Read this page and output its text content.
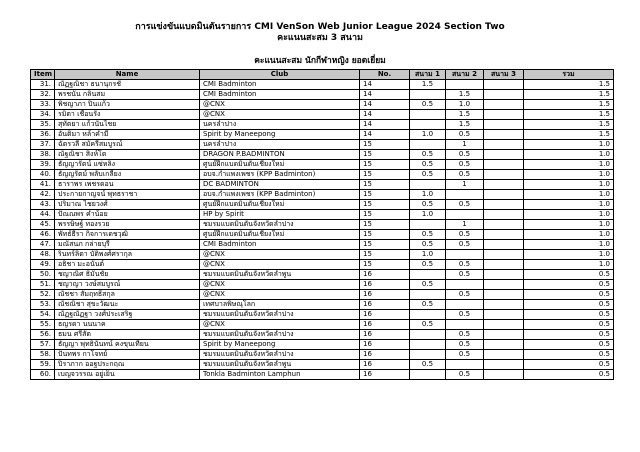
การแข่งขันแบดมินตันรายการ CMI VenSon Web Junior League 2024 Section Two
คะแนนสะสม 3 สนาม
คะแนนสะสม นักกีฬาหญิง ยอดเยี่ยม
Item	Name	Club	No.	สนาม 1	สนาม 2	สนาม 3	รวม
31.	ณัฏฐณิชา ธนานุกรชั่	CMI Badminton	14	1.5			1.5
32.	พรชนัน กลิ่นสม	CMI Badminton	14		1.5		1.5
33.	พิชญาภา ปินแก้ว	@CNX	14	0.5	1.0		1.5
34.	รมิตา เชื้อนรัง	@CNX	14		1.5		1.5
35.	สุทัตยา แก้วนันไชย	นครลำปาง	14		1.5		1.5
36.	อันติมา หล้าคำมี	Spirit by Maneepong	14	1.0	0.5		1.5
37.	ฉัตรวลี สมัครีสมบูรณ์	นครลำปาง	15		1		1.0
38.	ณัฐณิชา สิงห์โต	DRAGON P.BADMINTON	15	0.5	0.5		1.0
39.	ธัญญารัตน์ แซ่หลิ่ง	ศูนย์ฝึกแบดมินตันเชียงใหม่	15	0.5	0.5		1.0
40.	ธัญญรัตม์ พลับเกลี้ยง	อบจ.กำแพงเพชร (KPP Badminton)	15	0.5	0.5		1.0
41.	ธาราพร เพชรดอน	DC BADMINTON	15		1		1.0
42.	ประกายกาญจน์ พุทธราชา	อบจ.กำแพงเพชร (KPP Badminton)	15	1.0			1.0
43.	ปริมาณ ไชยวงศ์	ศูนย์ฝึกแบดมินตันเชียงใหม่	15	0.5	0.5		1.0
44.	ปัณณพร คำน้อย	HP by Spirit	15	1.0			1.0
45.	พรรษิษฐ์ ทองรวย	ชมรมแบดมินตันจังหวัดลำปาง	15		1		1.0
46.	พัทธ์ธีรา กิจการเดชวุฒิ	ศูนย์ฝึกแบดมินตันเชียงใหม่	15	0.5	0.5		1.0
47.	มณัสนภ กล่ายบุรี	CMI Badminton	15	0.5	0.5		1.0
48.	รินทร์ลิตา บัติพงศ์ศรากุล	@CNX	15	1.0			1.0
49.	อธิชา มะอนันต์	@CNX	15	0.5	0.5		1.0
50.	ชญาณิศ ธิมันชัย	ชมรมแบดมินตันจังหวัดลำพูน	16		0.5		0.5
51.	ชญาญา วงษ์สมบูรณ์	@CNX	16	0.5			0.5
52.	ณัชชา สัมฤทธิ์สกุล	@CNX	16		0.5		0.5
53.	ณัชณิชา สุขะวัฒนะ	เทศบาลพิษณุโลก	16	0.5			0.5
54.	ณัฏฐณัฏฐา วงศ์ประเสริฐ	ชมรมแบดมินตันจังหวัดลำปาง	16		0.5		0.5
55.	ธญรดา นนนาค	@CNX	16	0.5			0.5
56.	ธมน ศรีสัต	ชมรมแบดมินตันจังหวัดลำปาง	16		0.5		0.5
57.	ธัญญา พุทธินันทน์ คงขุนเทียน	Spirit by Maneepong	16		0.5		0.5
58.	ปันทพร กาโจทย์	ชมรมแบดมินตันจังหวัดลำปาง	16		0.5		0.5
59.	ปิราภาก ออฐประกฤณ	ชมรมแบดมินตันจังหวัดลำพูน	16	0.5			0.5
60.	เบญจวรรณ อยู่เย็น	Tonkla Badminton Lamphun	16		0.5		0.5
